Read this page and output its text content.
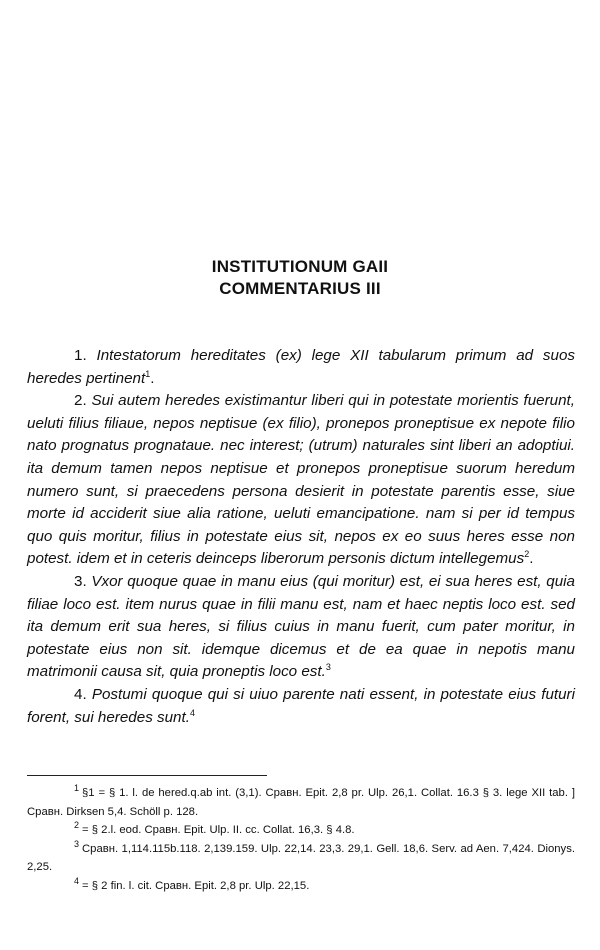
INSTITUTIONUM GAII
COMMENTARIUS III

1. Intestatorum hereditates (ex) lege XII tabularum primum ad suos heredes pertinent$^1$.

2. Sui autem heredes existimantur liberi qui in potestate morientis fuerunt, ueluti filius filiaue, nepos neptisue (ex filio), pronepos proneptisue ex nepote filio nato prognatus prognataue. nec interest; (utrum) naturales sint liberi an adoptiui. ita demum tamen nepos neptisue et pronepos proneptisue suorum heredum numero sunt, si praecedens persona desierit in potestate parentis esse, siue morte id acciderit siue alia ratione, ueluti emancipatione. nam si per id tempus quo quis moritur, filius in potestate eius sit, nepos ex eo suus heres esse non potest. idem et in ceteris deinceps liberorum personis dictum intellegemus$^2$.

3. Vxor quoque quae in manu eius (qui moritur) est, ei sua heres est, quia filiae loco est. item nurus quae in filii manu est, nam et haec neptis loco est. sed ita demum erit sua heres, si filius cuius in manu fuerit, cum pater moritur, in potestate eius non sit. idemque dicemus et de ea quae in nepotis manu matrimonii causa sit, quia proneptis loco est.$^3$

4. Postumi quoque qui si uiuo parente nati essent, in potestate eius futuri forent, sui heredes sunt.$^4$

$^1$ §1 = § 1. l. de hered.q.ab int. (3,1). Сравн. Epit. 2,8 pr. Ulp. 26,1. Collat. 16.3 § 3. lege XII tab. ] Сравн. Dirksen 5,4. Schöll p. 128.

$^2$ = § 2.l. eod. Сравн. Epit. Ulp. II. cc. Collat. 16,3. § 4.8.

$^3$ Сравн. 1,114.115b.118. 2,139.159. Ulp. 22,14. 23,3. 29,1. Gell. 18,6. Serv. ad Aen. 7,424. Dionys. 2,25.

$^4$ = § 2 fin. l. cit. Сравн. Epit. 2,8 pr. Ulp. 22,15.
